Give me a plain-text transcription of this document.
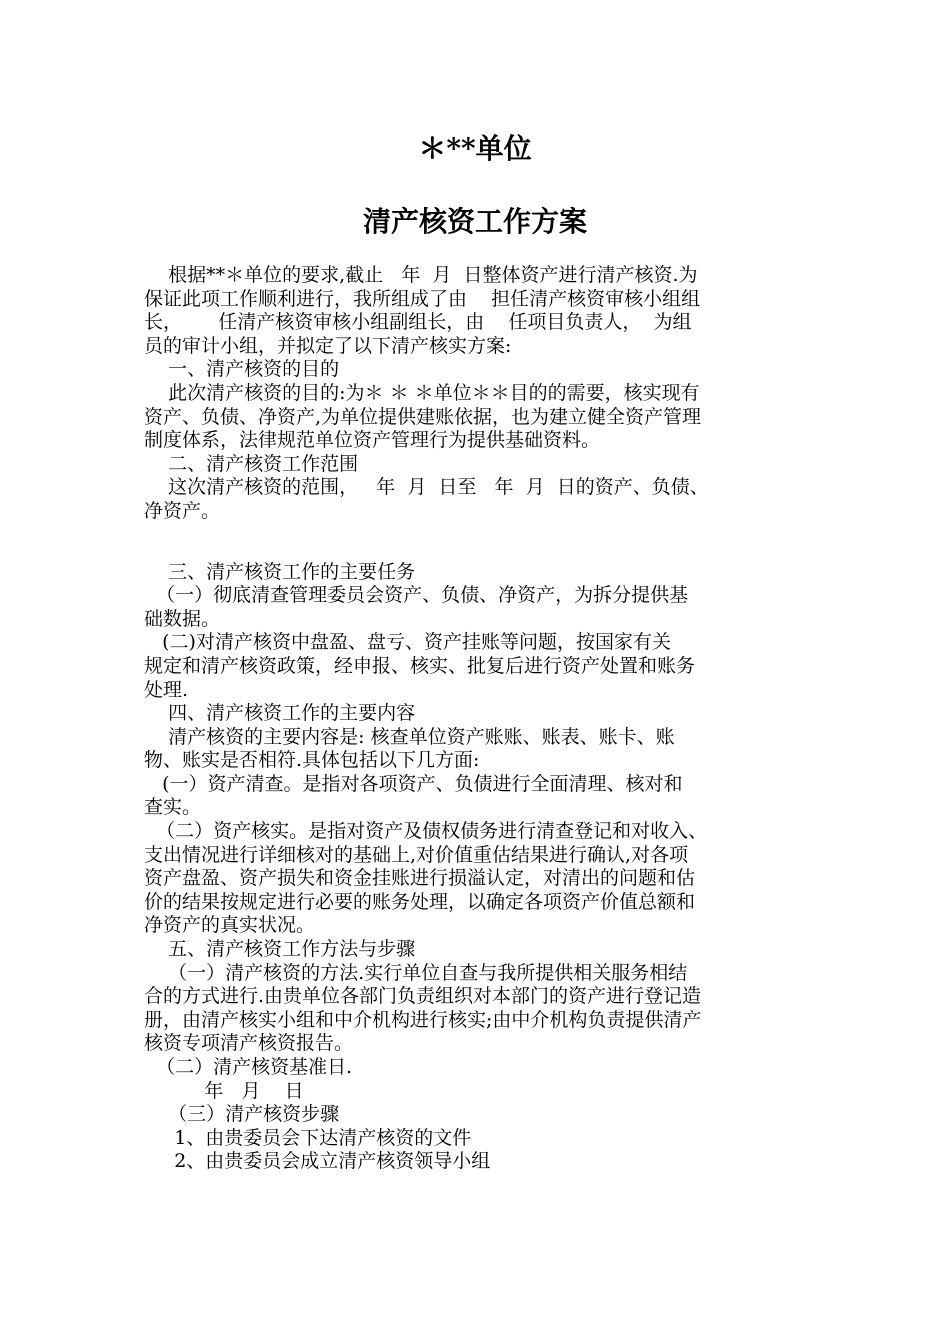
＊**单位
清产核资工作方案
根据**＊单位的要求,截止   年  月  日整体资产进行清产核资.为
保证此项工作顺利进行，我所组成了由    担任清产核资审核小组组
长，      任清产核资审核小组副组长，由    任项目负责人，  为组
员的审计小组，并拟定了以下清产核实方案:
一、清产核资的目的
此次清产核资的目的:为＊ ＊ ＊单位＊＊目的的需要，核实现有
资产、负债、净资产,为单位提供建账依据，也为建立健全资产管理
制度体系，法律规范单位资产管理行为提供基础资料。
二、清产核资工作范围
这次清产核资的范围，   年  月  日至   年  月  日的资产、负债、
净资产。
三、清产核资工作的主要任务
（一）彻底清查管理委员会资产、负债、净资产，为拆分提供基
础数据。
(二)对清产核资中盘盈、盘亏、资产挂账等问题，按国家有关
规定和清产核资政策，经申报、核实、批复后进行资产处置和账务
处理.
四、清产核资工作的主要内容
清产核资的主要内容是: 核查单位资产账账、账表、账卡、账
物、账实是否相符.具体包括以下几方面:
(一）资产清查。是指对各项资产、负债进行全面清理、核对和
查实。
（二）资产核实。是指对资产及债权债务进行清查登记和对收入、
支出情况进行详细核对的基础上,对价值重估结果进行确认,对各项
资产盘盈、资产损失和资金挂账进行损溢认定，对清出的问题和估
价的结果按规定进行必要的账务处理，以确定各项资产价值总额和
净资产的真实状况。
五、清产核资工作方法与步骤
（一）清产核资的方法.实行单位自查与我所提供相关服务相结
合的方式进行.由贵单位各部门负责组织对本部门的资产进行登记造
册，由清产核实小组和中介机构进行核实;由中介机构负责提供清产
核资专项清产核资报告。
（二）清产核资基准日.
年   月    日
（三）清产核资步骤
1、由贵委员会下达清产核资的文件
2、由贵委员会成立清产核资领导小组
